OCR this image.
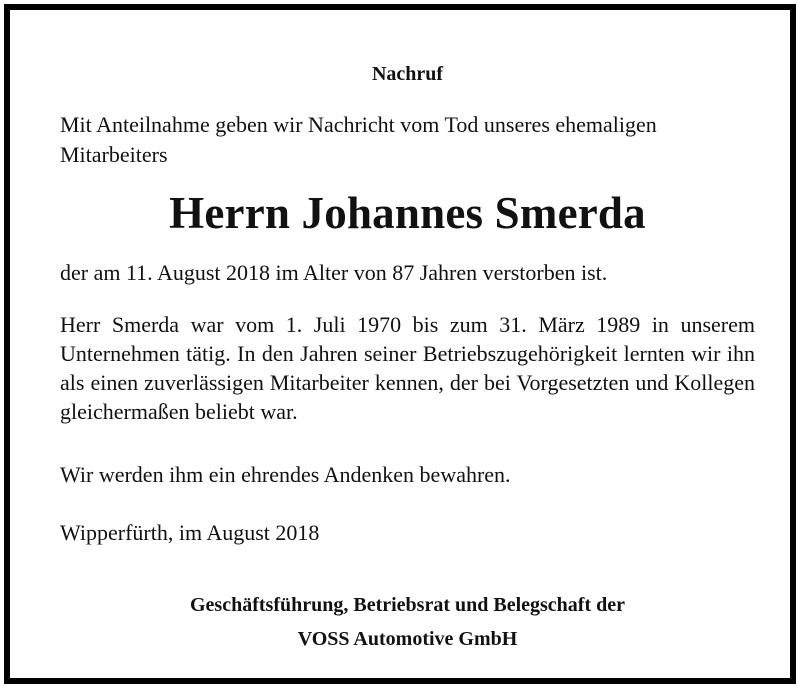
Nachruf

Mit Anteilnahme geben wir Nachricht vom Tod unseres ehemaligen Mitarbeiters

Herrn Johannes Smerda

der am 11. August 2018 im Alter von 87 Jahren verstorben ist.

Herr Smerda war vom 1. Juli 1970 bis zum 31. März 1989 in unserem Unternehmen tätig. In den Jahren seiner Betriebszugehörigkeit lernten wir ihn als einen zuverlässigen Mitarbeiter kennen, der bei Vorgesetzten und Kollegen gleichermaßen beliebt war.

Wir werden ihm ein ehrendes Andenken bewahren.

Wipperfürth, im August 2018

Geschäftsführung, Betriebsrat und Belegschaft der
VOSS Automotive GmbH
